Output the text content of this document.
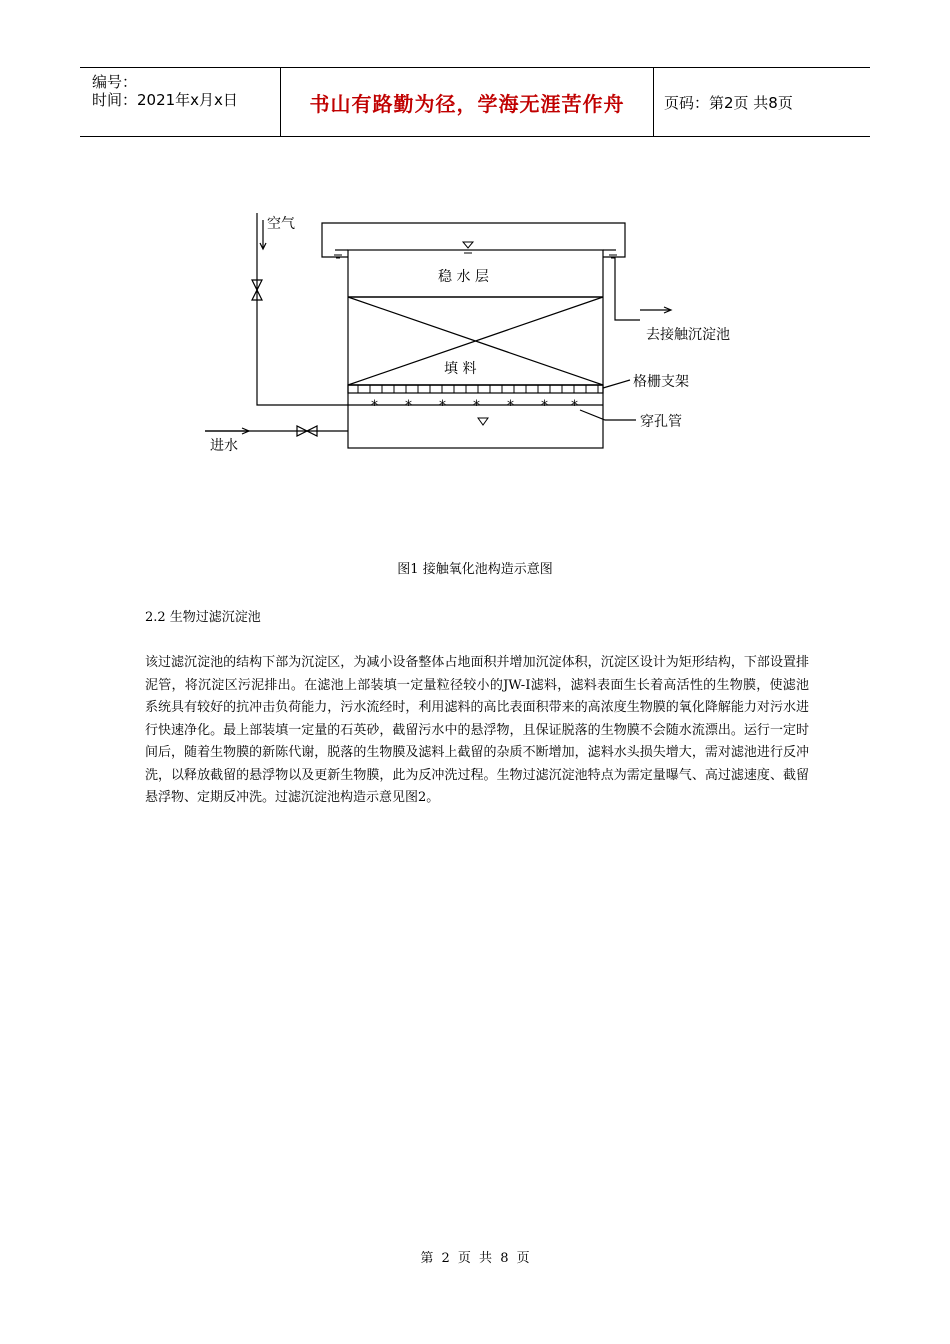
编号：
时间：2021年x月x日	书山有路勤为径，学海无涯苦作舟	页码：第2页 共8页
* * * * * * *
空气
稳 水 层
去接触沉淀池
填 料
格栅支架
穿孔管
进水
图1 接触氧化池构造示意图
2.2 生物过滤沉淀池
该过滤沉淀池的结构下部为沉淀区，为减小设备整体占地面积并增加沉淀体积，沉淀区设计为矩形结构，下部设置排泥管，将沉淀区污泥排出。在滤池上部装填一定量粒径较小的JW-Ⅰ滤料，滤料表面生长着高活性的生物膜，使滤池系统具有较好的抗冲击负荷能力，污水流经时，利用滤料的高比表面积带来的高浓度生物膜的氧化降解能力对污水进行快速净化。最上部装填一定量的石英砂，截留污水中的悬浮物，且保证脱落的生物膜不会随水流漂出。运行一定时间后，随着生物膜的新陈代谢，脱落的生物膜及滤料上截留的杂质不断增加，滤料水头损失增大，需对滤池进行反冲洗，以释放截留的悬浮物以及更新生物膜，此为反冲洗过程。生物过滤沉淀池特点为需定量曝气、高过滤速度、截留悬浮物、定期反冲洗。过滤沉淀池构造示意见图2。
第 2 页 共 8 页
